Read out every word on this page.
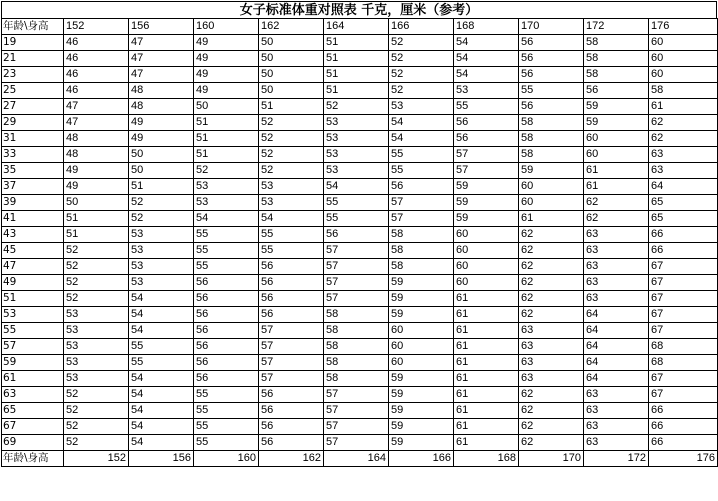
女子标准体重对照表 千克，厘米（参考）
年龄\身高	152	156	160	162	164	166	168	170	172	176
19	46	47	49	50	51	52	54	56	58	60
21	46	47	49	50	51	52	54	56	58	60
23	46	47	49	50	51	52	54	56	58	60
25	46	48	49	50	51	52	53	55	56	58
27	47	48	50	51	52	53	55	56	59	61
29	47	49	51	52	53	54	56	58	59	62
31	48	49	51	52	53	54	56	58	60	62
33	48	50	51	52	53	55	57	58	60	63
35	49	50	52	52	53	55	57	59	61	63
37	49	51	53	53	54	56	59	60	61	64
39	50	52	53	53	55	57	59	60	62	65
41	51	52	54	54	55	57	59	61	62	65
43	51	53	55	55	56	58	60	62	63	66
45	52	53	55	55	57	58	60	62	63	66
47	52	53	55	56	57	58	60	62	63	67
49	52	53	56	56	57	59	60	62	63	67
51	52	54	56	56	57	59	61	62	63	67
53	53	54	56	56	58	59	61	62	64	67
55	53	54	56	57	58	60	61	63	64	67
57	53	55	56	57	58	60	61	63	64	68
59	53	55	56	57	58	60	61	63	64	68
61	53	54	56	57	58	59	61	63	64	67
63	52	54	55	56	57	59	61	62	63	67
65	52	54	55	56	57	59	61	62	63	66
67	52	54	55	56	57	59	61	62	63	66
69	52	54	55	56	57	59	61	62	63	66
年龄\身高	152	156	160	162	164	166	168	170	172	176
